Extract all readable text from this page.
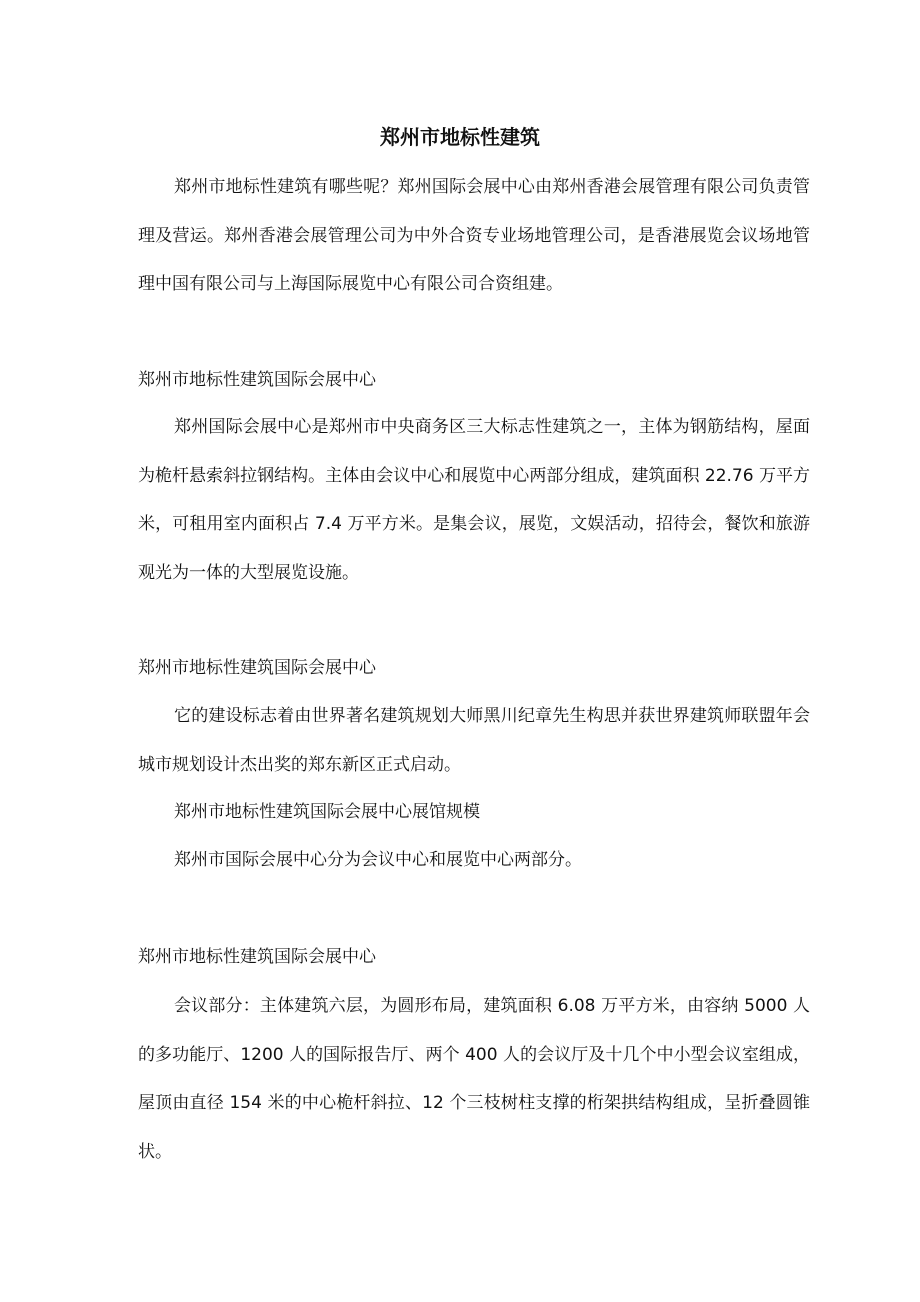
郑州市地标性建筑

郑州市地标性建筑有哪些呢？郑州国际会展中心由郑州香港会展管理有限公司负责管理及营运。郑州香港会展管理公司为中外合资专业场地管理公司，是香港展览会议场地管理中国有限公司与上海国际展览中心有限公司合资组建。

郑州市地标性建筑国际会展中心

郑州国际会展中心是郑州市中央商务区三大标志性建筑之一，主体为钢筋结构，屋面为桅杆悬索斜拉钢结构。主体由会议中心和展览中心两部分组成，建筑面积 22.76 万平方米，可租用室内面积占 7.4 万平方米。是集会议，展览，文娱活动，招待会，餐饮和旅游观光为一体的大型展览设施。

郑州市地标性建筑国际会展中心

它的建设标志着由世界著名建筑规划大师黑川纪章先生构思并获世界建筑师联盟年会城市规划设计杰出奖的郑东新区正式启动。

郑州市地标性建筑国际会展中心展馆规模

郑州市国际会展中心分为会议中心和展览中心两部分。

郑州市地标性建筑国际会展中心

会议部分：主体建筑六层，为圆形布局，建筑面积 6.08 万平方米，由容纳 5000 人的多功能厅、1200 人的国际报告厅、两个 400 人的会议厅及十几个中小型会议室组成，屋顶由直径 154 米的中心桅杆斜拉、12 个三枝树柱支撑的桁架拱结构组成，呈折叠圆锥状。
